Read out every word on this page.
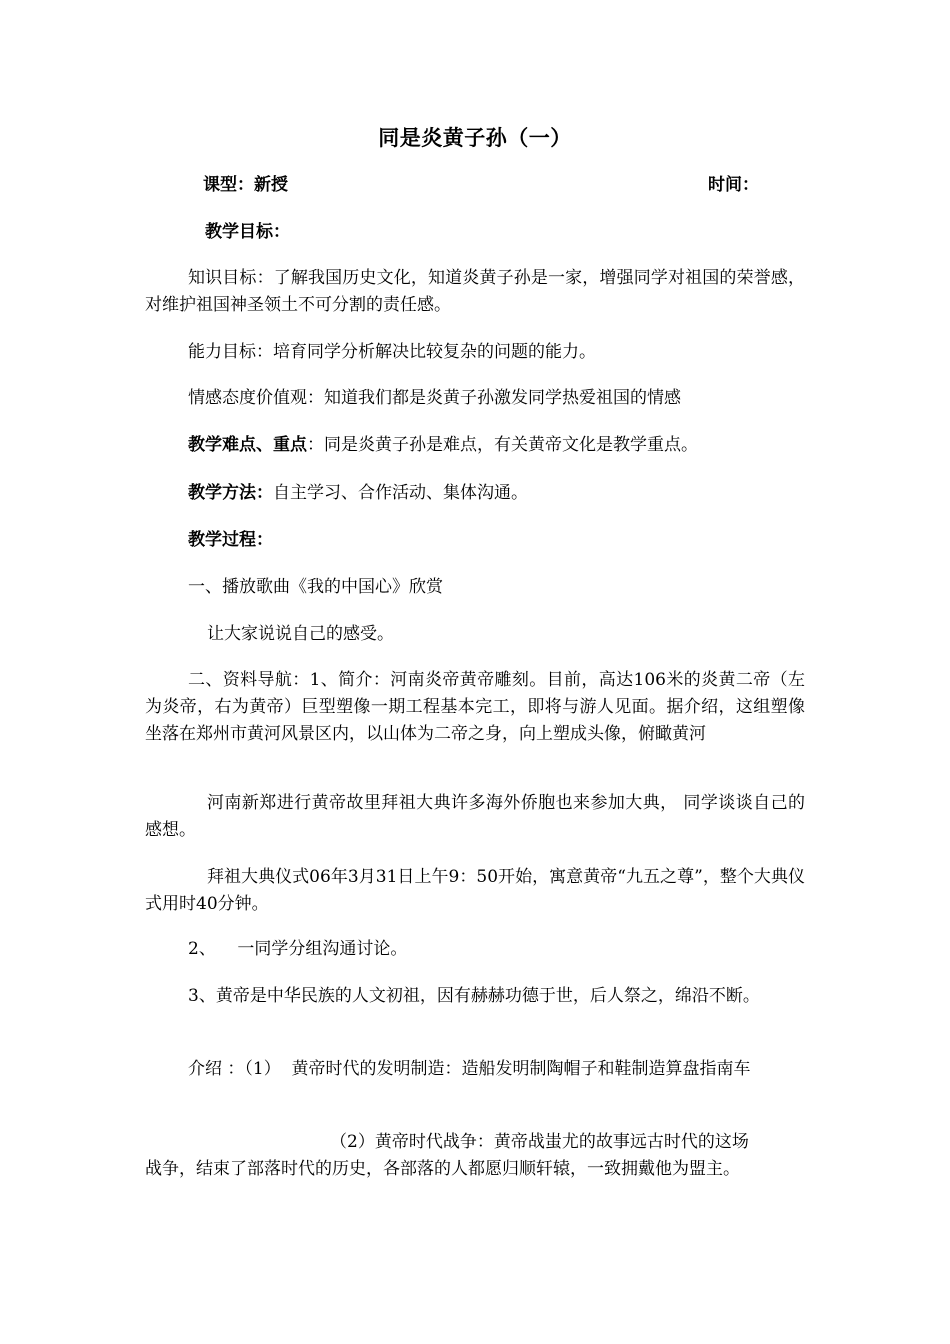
同是炎黄子孙（一）
课型：新授	时间：
教学目标：
知识目标：了解我国历史文化，知道炎黄子孙是一家，增强同学对祖国的荣誉感，对维护祖国神圣领土不可分割的责任感。
能力目标：培育同学分析解决比较复杂的问题的能力。
情感态度价值观：知道我们都是炎黄子孙激发同学热爱祖国的情感
教学难点、重点：同是炎黄子孙是难点，有关黄帝文化是教学重点。
教学方法：自主学习、合作活动、集体沟通。
教学过程：
一、播放歌曲《我的中国心》欣赏
让大家说说自己的感受。
二、资料导航：1、简介：河南炎帝黄帝雕刻。目前，高达106米的炎黄二帝（左为炎帝，右为黄帝）巨型塑像一期工程基本完工，即将与游人见面。据介绍，这组塑像坐落在郑州市黄河风景区内，以山体为二帝之身，向上塑成头像，俯瞰黄河
河南新郑进行黄帝故里拜祖大典许多海外侨胞也来参加大典， 同学谈谈自己的感想。
拜祖大典仪式06年3月31日上午9：50开始，寓意黄帝“九五之尊”，整个大典仪式用时40分钟。
2、    一同学分组沟通讨论。
3、黄帝是中华民族的人文初祖，因有赫赫功德于世，后人祭之，绵沿不断。
介绍 ：（1）  黄帝时代的发明制造：造船发明制陶帽子和鞋制造算盘指南车
（2）黄帝时代战争：黄帝战蚩尤的故事远古时代的这场
战争，结束了部落时代的历史，各部落的人都愿归顺轩辕，一致拥戴他为盟主。
